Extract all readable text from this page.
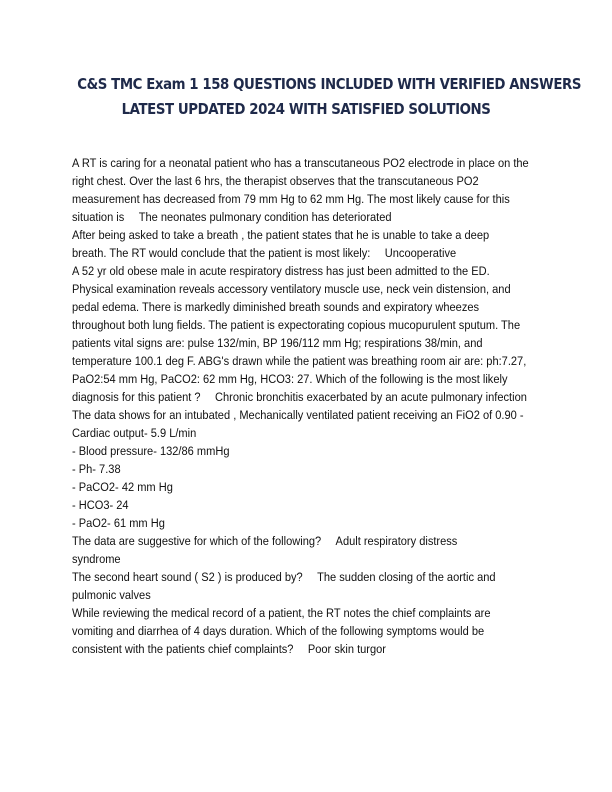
C&S TMC Exam 1 158 QUESTIONS INCLUDED WITH VERIFIED ANSWERS
LATEST UPDATED 2024 WITH SATISFIED SOLUTIONS
A RT is caring for a neonatal patient who has a transcutaneous PO2 electrode in place on the
right chest. Over the last 6 hrs, the therapist observes that the transcutaneous PO2
measurement has decreased from 79 mm Hg to 62 mm Hg. The most likely cause for this
situation is The neonates pulmonary condition has deteriorated
After being asked to take a breath , the patient states that he is unable to take a deep
breath. The RT would conclude that the patient is most likely: Uncooperative
A 52 yr old obese male in acute respiratory distress has just been admitted to the ED.
Physical examination reveals accessory ventilatory muscle use, neck vein distension, and
pedal edema. There is markedly diminished breath sounds and expiratory wheezes
throughout both lung fields. The patient is expectorating copious mucopurulent sputum. The
patients vital signs are: pulse 132/min, BP 196/112 mm Hg; respirations 38/min, and
temperature 100.1 deg F. ABG's drawn while the patient was breathing room air are: ph:7.27,
PaO2:54 mm Hg, PaCO2: 62 mm Hg, HCO3: 27. Which of the following is the most likely
diagnosis for this patient ? Chronic bronchitis exacerbated by an acute pulmonary infection
The data shows for an intubated , Mechanically ventilated patient receiving an FiO2 of 0.90 -
Cardiac output- 5.9 L/min
- Blood pressure- 132/86 mmHg
- Ph- 7.38
- PaCO2- 42 mm Hg
- HCO3- 24
- PaO2- 61 mm Hg
The data are suggestive for which of the following? Adult respiratory distress
syndrome
The second heart sound ( S2 ) is produced by? The sudden closing of the aortic and
pulmonic valves
While reviewing the medical record of a patient, the RT notes the chief complaints are
vomiting and diarrhea of 4 days duration. Which of the following symptoms would be
consistent with the patients chief complaints? Poor skin turgor
